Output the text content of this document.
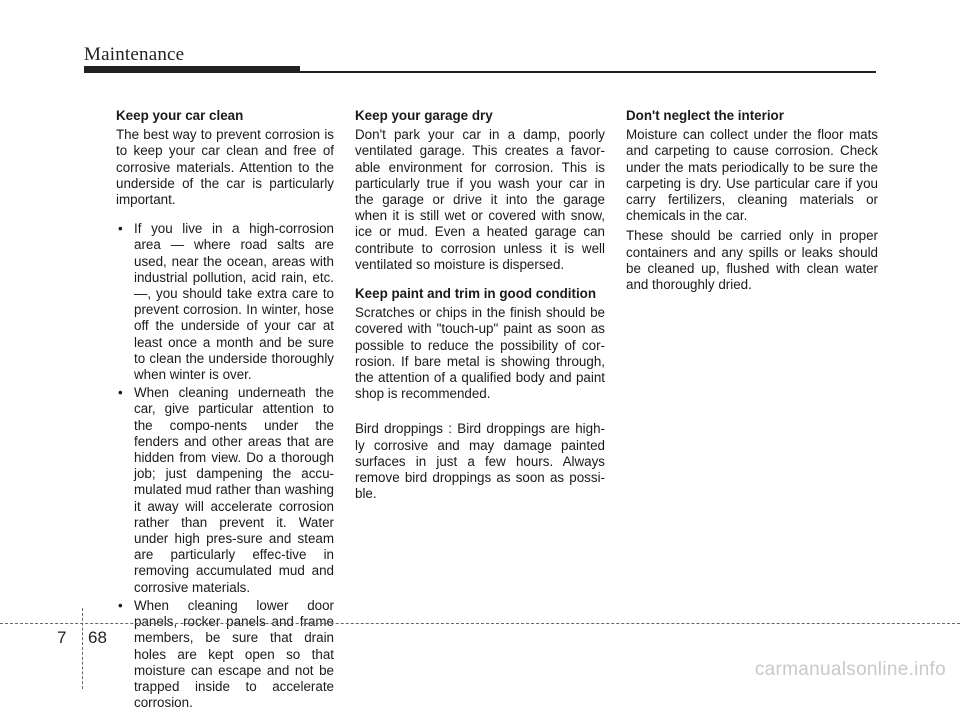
Maintenance
Keep your car clean
The best way to prevent corrosion is to keep your car clean and free of corrosive materials. Attention to the underside of the car is particularly important.
• If you live in a high-corrosion area — where road salts are used, near the ocean, areas with industrial pollution, acid rain, etc.—, you should take extra care to prevent corrosion. In winter, hose off the underside of your car at least once a month and be sure to clean the underside thoroughly when winter is over.
• When cleaning underneath the car, give particular attention to the compo-nents under the fenders and other areas that are hidden from view. Do a thorough job; just dampening the accu-mulated mud rather than washing it away will accelerate corrosion rather than prevent it. Water under high pres-sure and steam are particularly effec-tive in removing accumulated mud and corrosive materials.
• When cleaning lower door panels, rocker panels and frame members, be sure that drain holes are kept open so that moisture can escape and not be trapped inside to accelerate corrosion.
Keep your garage dry
Don't park your car in a damp, poorly ventilated garage. This creates a favor-able environment for corrosion. This is particularly true if you wash your car in the garage or drive it into the garage when it is still wet or covered with snow, ice or mud. Even a heated garage can contribute to corrosion unless it is well ventilated so moisture is dispersed.
Keep paint and trim in good condition
Scratches or chips in the finish should be covered with "touch-up" paint as soon as possible to reduce the possibility of cor-rosion. If bare metal is showing through, the attention of a qualified body and paint shop is recommended.
Bird droppings : Bird droppings are high-ly corrosive and may damage painted surfaces in just a few hours. Always remove bird droppings as soon as possi-ble.
Don't neglect the interior
Moisture can collect under the floor mats and carpeting to cause corrosion. Check under the mats periodically to be sure the carpeting is dry. Use particular care if you carry fertilizers, cleaning materials or chemicals in the car.
These should be carried only in proper containers and any spills or leaks should be cleaned up, flushed with clean water and thoroughly dried.
7 68
carmanualsonline.info
